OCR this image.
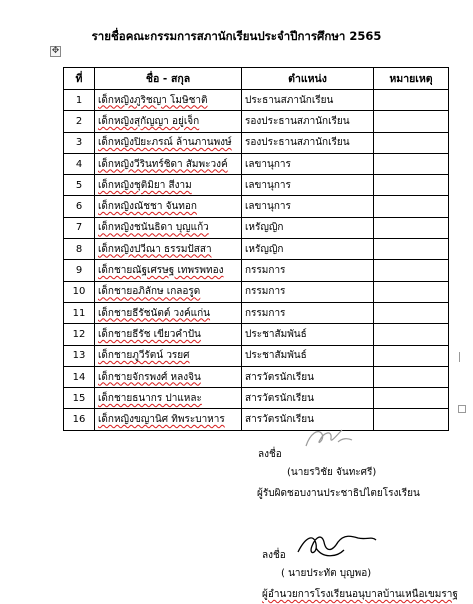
รายชื่อคณะกรรมการสภานักเรียนประจำปีการศึกษา 2565
✥
ที่	ชื่อ - สกุล	ตำแหน่ง	หมายเหตุ
1	เด็กหญิงภูริชญา โมษิชาติ	ประธานสภานักเรียน	
2	เด็กหญิงสุกัญญา อยู่เจ็ก	รองประธานสภานักเรียน	
3	เด็กหญิงปิยะภรณ์ ล้านภานพงษ์	รองประธานสภานักเรียน	
4	เด็กหญิงวีรินทร์ชิดา สัมพะวงค์	เลขานุการ	
5	เด็กหญิงชุติมิยา สีงาม	เลขานุการ	
6	เด็กหญิงณัชชา จันทอก	เลขานุการ	
7	เด็กหญิงชนันธิดา บุญแก้ว	เหรัญญิก	
8	เด็กหญิงปวีณา ธรรมปัสสา	เหรัญญิก	
9	เด็กชายณัฐเศรษฐ เทพรพทอง	กรรมการ	
10	เด็กชายอภิลักษ เกลอรูด	กรรมการ	
11	เด็กชายธีรัชนัตต์ วงค์แก่น	กรรมการ	
12	เด็กชายธีรัช เขียวคำปัน	ประชาสัมพันธ์	
13	เด็กชายภูวีรัตน์ วรยศ	ประชาสัมพันธ์	
14	เด็กชายจักรพงศ์ หลงจิน	สารวัตรนักเรียน	
15	เด็กชายธนากร ปาแหละ	สารวัตรนักเรียน	
16	เด็กหญิงขญานิศ ทิพระบาหาร	สารวัตรนักเรียน	
ลงชื่อ
(นายรวิชัย จันทะศรี)
ผู้รับผิดชอบงานประชาธิปไตยโรงเรียน
ลงชื่อ
( นายประทัต บุญพอ)
ผู้อำนวยการโรงเรียนอนุบาลบ้านเหนือเขมราฐ
